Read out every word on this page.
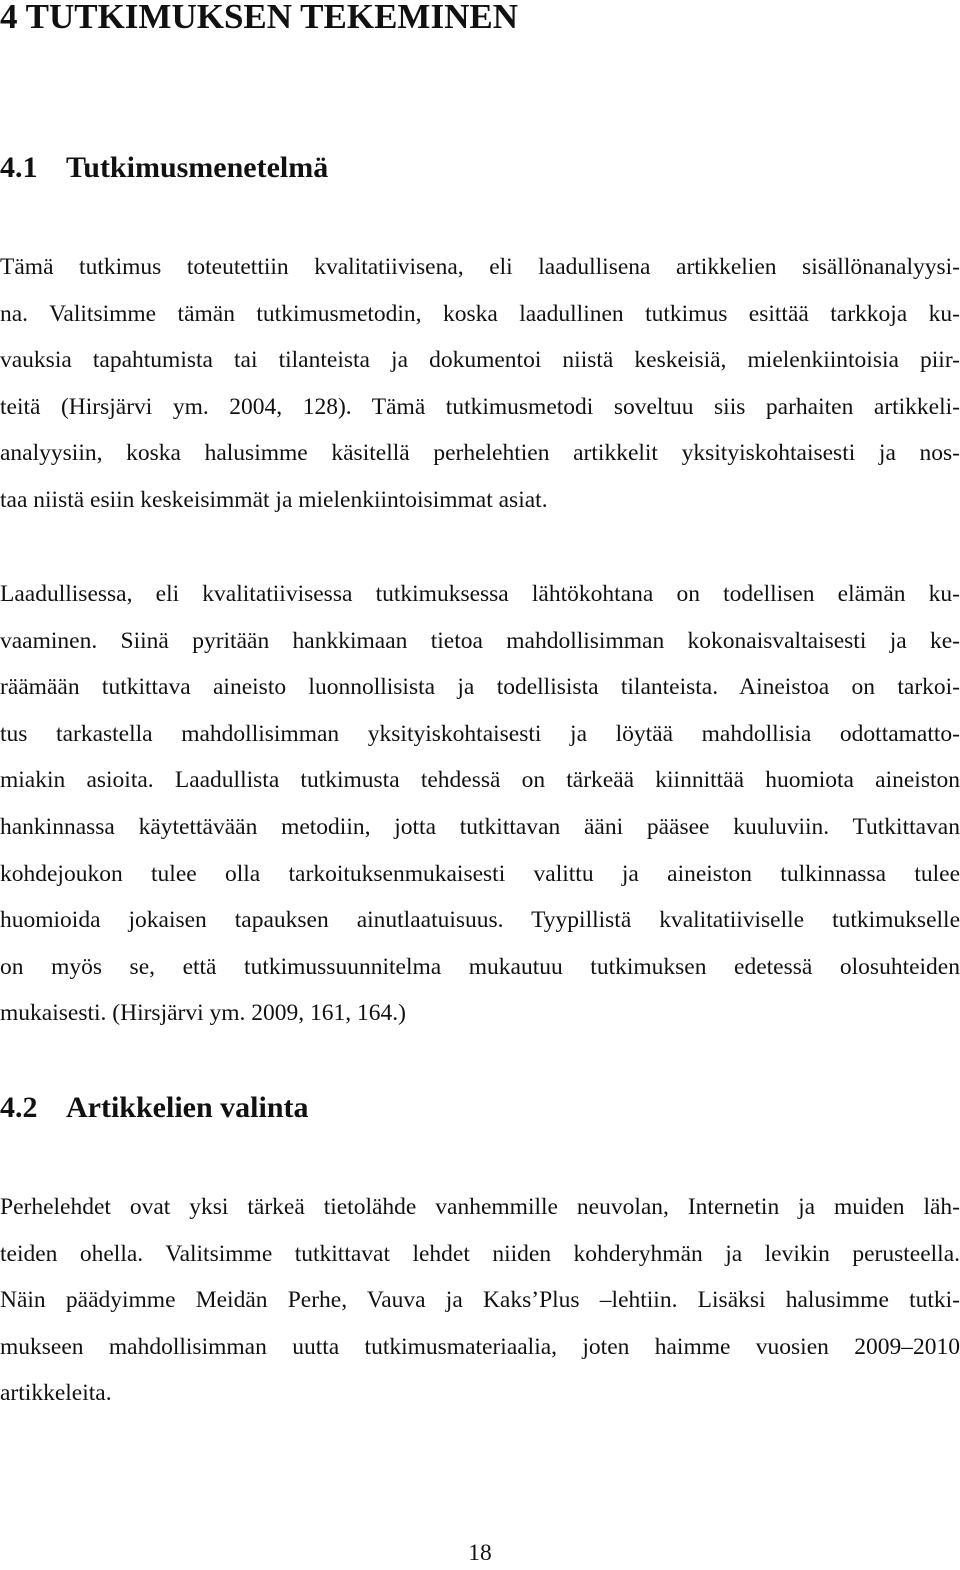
4 TUTKIMUKSEN TEKEMINEN
4.1 Tutkimusmenetelmä
Tämä tutkimus toteutettiin kvalitatiivisena, eli laadullisena artikkelien sisällönanalyysi-
na. Valitsimme tämän tutkimusmetodin, koska laadullinen tutkimus esittää tarkkoja ku-
vauksia tapahtumista tai tilanteista ja dokumentoi niistä keskeisiä, mielenkiintoisia piir-
teitä (Hirsjärvi ym. 2004, 128). Tämä tutkimusmetodi soveltuu siis parhaiten artikkeli-
analyysiin, koska halusimme käsitellä perhelehtien artikkelit yksityiskohtaisesti ja nos-
taa niistä esiin keskeisimmät ja mielenkiintoisimmat asiat.
Laadullisessa, eli kvalitatiivisessa tutkimuksessa lähtökohtana on todellisen elämän ku-
vaaminen. Siinä pyritään hankkimaan tietoa mahdollisimman kokonaisvaltaisesti ja ke-
räämään tutkittava aineisto luonnollisista ja todellisista tilanteista. Aineistoa on tarkoi-
tus tarkastella mahdollisimman yksityiskohtaisesti ja löytää mahdollisia odottamatto-
miakin asioita. Laadullista tutkimusta tehdessä on tärkeää kiinnittää huomiota aineiston
hankinnassa käytettävään metodiin, jotta tutkittavan ääni pääsee kuuluviin. Tutkittavan
kohdejoukon tulee olla tarkoituksenmukaisesti valittu ja aineiston tulkinnassa tulee
huomioida jokaisen tapauksen ainutlaatuisuus. Tyypillistä kvalitatiiviselle tutkimukselle
on myös se, että tutkimussuunnitelma mukautuu tutkimuksen edetessä olosuhteiden
mukaisesti. (Hirsjärvi ym. 2009, 161, 164.)
4.2 Artikkelien valinta
Perhelehdet ovat yksi tärkeä tietolähde vanhemmille neuvolan, Internetin ja muiden läh-
teiden ohella. Valitsimme tutkittavat lehdet niiden kohderyhmän ja levikin perusteella.
Näin päädyimme Meidän Perhe, Vauva ja Kaks’Plus –lehtiin. Lisäksi halusimme tutki-
mukseen mahdollisimman uutta tutkimusmateriaalia, joten haimme vuosien 2009–2010
artikkeleita.
18
